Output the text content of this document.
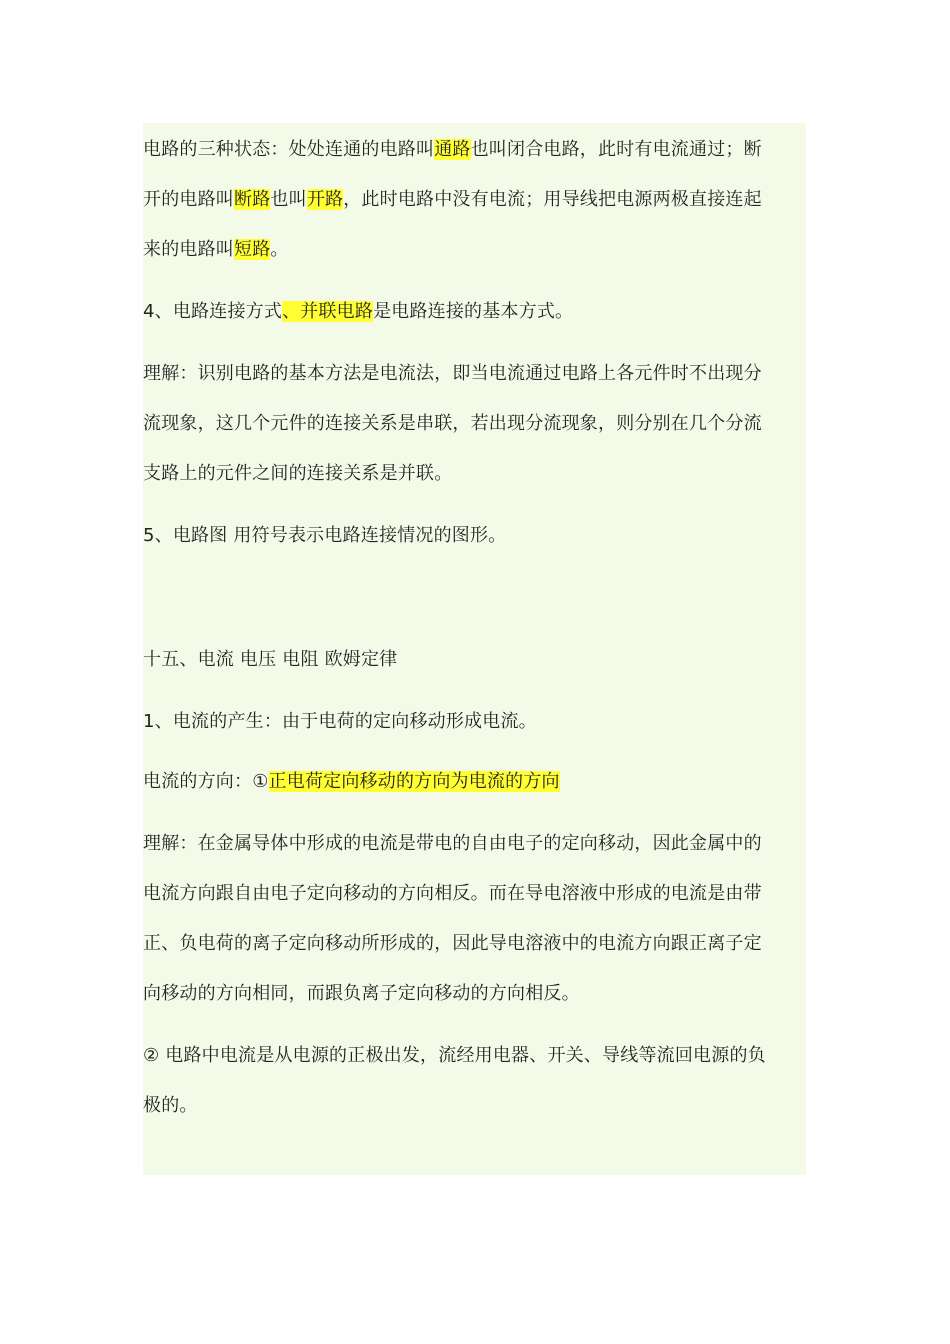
电路的三种状态：处处连通的电路叫通路也叫闭合电路，此时有电流通过；断
开的电路叫断路也叫开路，此时电路中没有电流；用导线把电源两极直接连起
来的电路叫短路。
4、电路连接方式、并联电路是电路连接的基本方式。
理解：识别电路的基本方法是电流法，即当电流通过电路上各元件时不出现分
流现象，这几个元件的连接关系是串联，若出现分流现象，则分别在几个分流
支路上的元件之间的连接关系是并联。
5、电路图 用符号表示电路连接情况的图形。
十五、电流 电压 电阻 欧姆定律
1、电流的产生：由于电荷的定向移动形成电流。
电流的方向：①正电荷定向移动的方向为电流的方向
理解：在金属导体中形成的电流是带电的自由电子的定向移动，因此金属中的
电流方向跟自由电子定向移动的方向相反。而在导电溶液中形成的电流是由带
正、负电荷的离子定向移动所形成的，因此导电溶液中的电流方向跟正离子定
向移动的方向相同，而跟负离子定向移动的方向相反。
② 电路中电流是从电源的正极出发，流经用电器、开关、导线等流回电源的负
极的。
